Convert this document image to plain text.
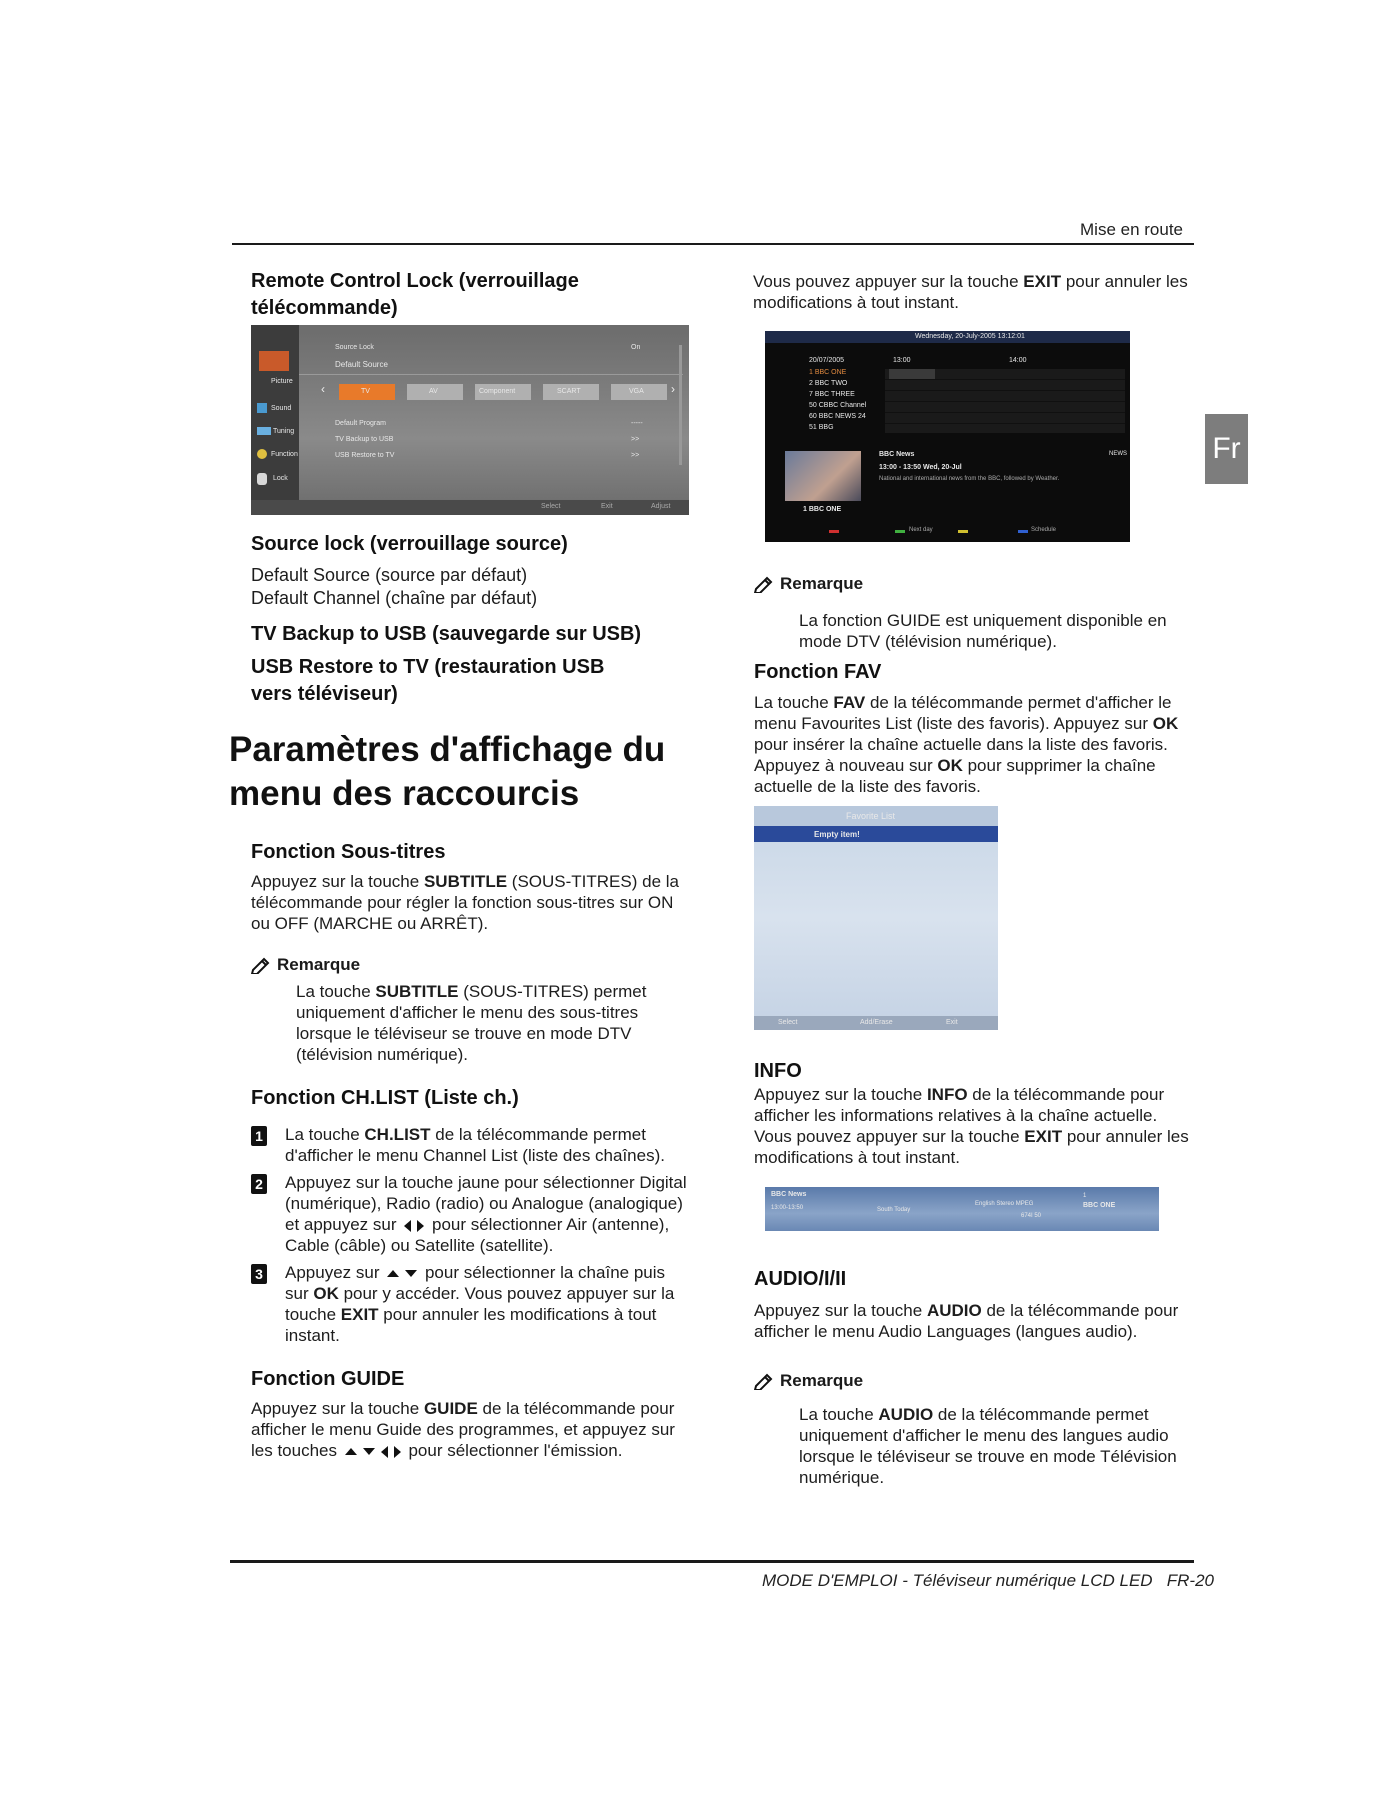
Mise en route
Fr
Remote Control Lock (verrouillage télécommande)
Picture
Sound
Tuning
Function
Lock
Source Lock	On
Default Source
‹	TV	AV	Component	SCART	VGA ›
Default Program	-----
TV Backup to USB	>>
USB Restore to TV	>>
Select	Exit	Adjust
Source lock (verrouillage source)
Default Source (source par défaut)
Default Channel (chaîne par défaut)
TV Backup to USB (sauvegarde sur USB)
USB Restore to TV (restauration USB vers téléviseur)
Paramètres d'affichage du menu des raccourcis
Fonction Sous-titres
Appuyez sur la touche SUBTITLE (SOUS-TITRES) de la télécommande pour régler la fonction sous-titres sur ON ou OFF (MARCHE ou ARRÊT).
Remarque
La touche SUBTITLE (SOUS-TITRES) permet uniquement d'afficher le menu des sous-titres lorsque le téléviseur se trouve en mode DTV (télévision numérique).
Fonction CH.LIST (Liste ch.)
1 La touche CH.LIST de la télécommande permet d'afficher le menu Channel List (liste des chaînes).
2 Appuyez sur la touche jaune pour sélectionner Digital (numérique), Radio (radio) ou Analogue (analogique) et appuyez sur pour sélectionner Air (antenne), Cable (câble) ou Satellite (satellite).
3 Appuyez sur	pour sélectionner la chaîne puis sur OK pour y accéder. Vous pouvez appuyer sur la touche EXIT pour annuler les modifications à tout instant.
Fonction GUIDE
Appuyez sur la touche GUIDE de la télécommande pour afficher le menu Guide des programmes, et appuyez sur les touches	pour sélectionner l'émission.
Vous pouvez appuyer sur la touche EXIT pour annuler les modifications à tout instant.
Wednesday, 20-July-2005 13:12:01
20/07/2005	13:00	14:00
1 BBC ONE
2 BBC TWO
7 BBC THREE
50 CBBC Channel
60 BBC NEWS 24
51 BBG
BBC News
13:00 - 13:50 Wed, 20-Jul
National and international news from the BBC, followed by Weather.
NEWS
1 BBC ONE
Next day	Schedule
Remarque
La fonction GUIDE est uniquement disponible en mode DTV (télévision numérique).
Fonction FAV
La touche FAV de la télécommande permet d'afficher le menu Favourites List (liste des favoris). Appuyez sur OK pour insérer la chaîne actuelle dans la liste des favoris. Appuyez à nouveau sur OK pour supprimer la chaîne actuelle de la liste des favoris.
Favorite List
Empty item!
Select	Add/Erase	Exit
INFO
Appuyez sur la touche INFO de la télécommande pour afficher les informations relatives à la chaîne actuelle. Vous pouvez appuyer sur la touche EXIT pour annuler les modifications à tout instant.
BBC News
13:00-13:50	South Today
English Stereo MPEG
674I 50
1
BBC ONE
AUDIO/I/II
Appuyez sur la touche AUDIO de la télécommande pour afficher le menu Audio Languages (langues audio).
Remarque
La touche AUDIO de la télécommande permet uniquement d'afficher le menu des langues audio lorsque le téléviseur se trouve en mode Télévision numérique.
MODE D'EMPLOI - Téléviseur numérique LCD LED   FR-20
